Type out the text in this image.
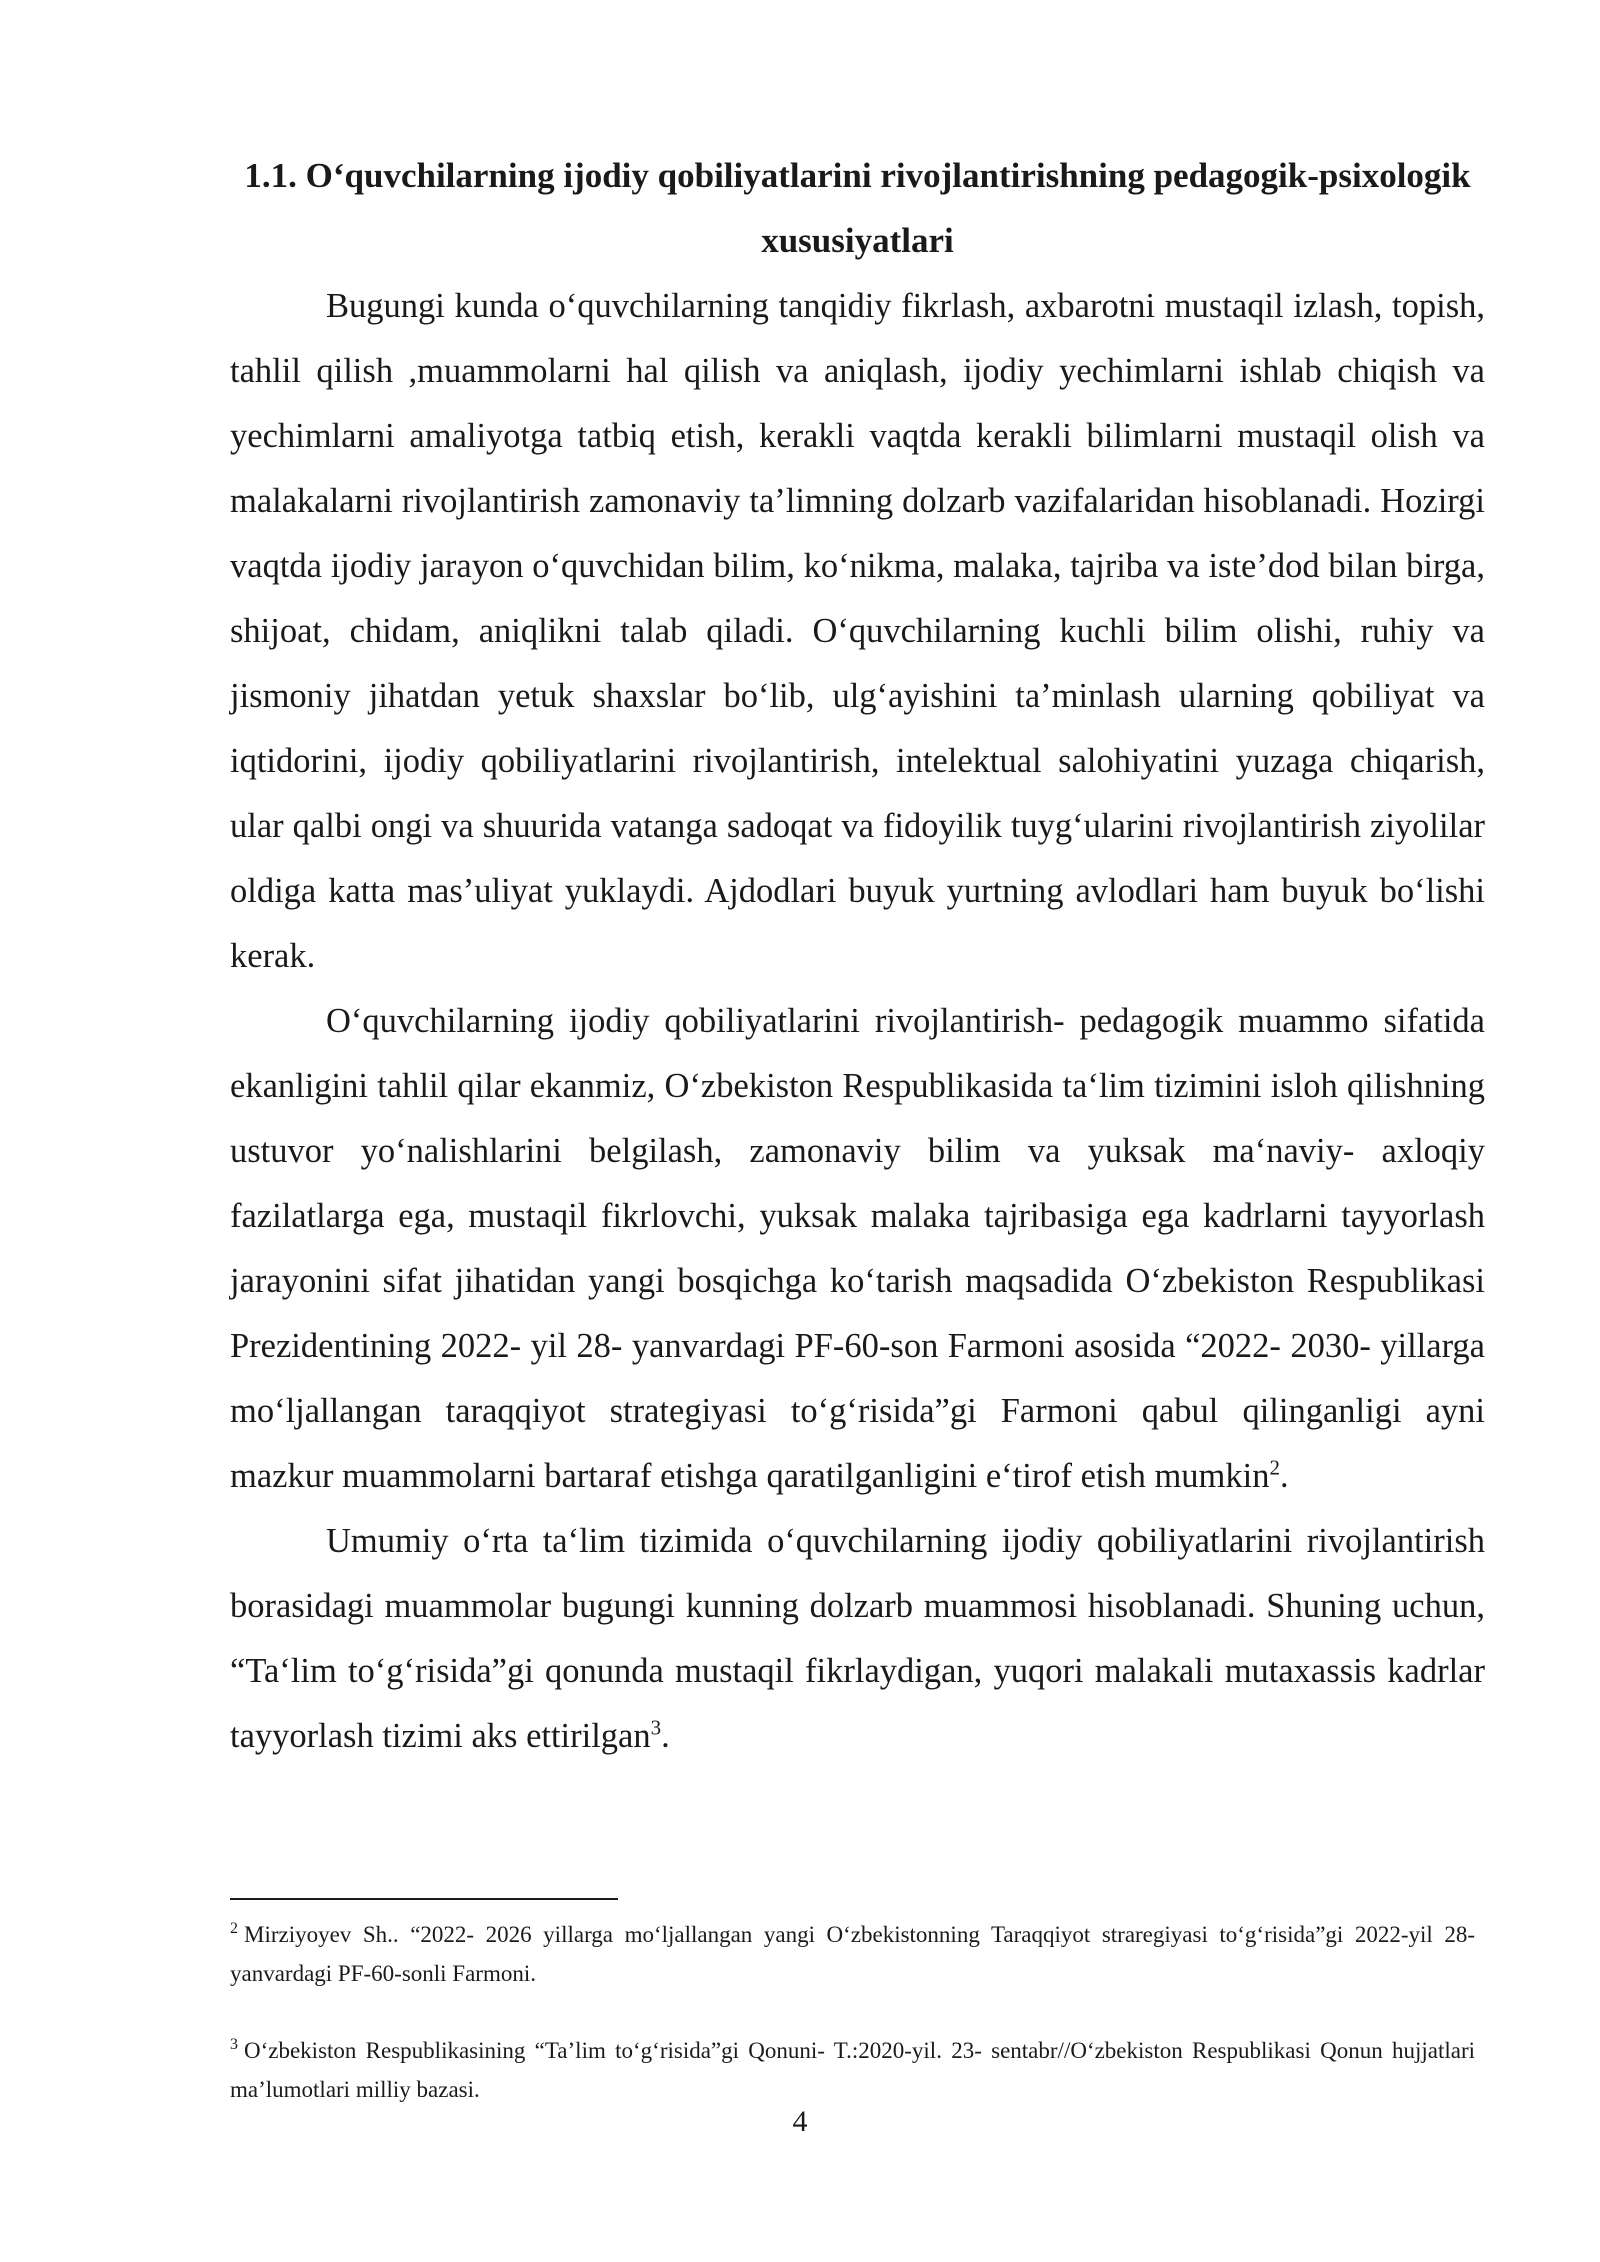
1.1. O‘quvchilarning ijodiy qobiliyatlarini rivojlantirishning pedagogik-psixologik xususiyatlari

Bugungi kunda o‘quvchilarning tanqidiy fikrlash, axbarotni mustaqil izlash, topish, tahlil qilish ,muammolarni hal qilish va aniqlash, ijodiy yechimlarni ishlab chiqish va yechimlarni amaliyotga tatbiq etish, kerakli vaqtda kerakli bilimlarni mustaqil olish va malakalarni rivojlantirish zamonaviy ta’limning dolzarb vazifalaridan hisoblanadi. Hozirgi vaqtda ijodiy jarayon o‘quvchidan bilim, ko‘nikma, malaka, tajriba va iste’dod bilan birga, shijoat, chidam, aniqlikni talab qiladi. O‘quvchilarning kuchli bilim olishi, ruhiy va jismoniy jihatdan yetuk shaxslar bo‘lib, ulg‘ayishini ta’minlash ularning qobiliyat va iqtidorini, ijodiy qobiliyatlarini rivojlantirish, intelektual salohiyatini yuzaga chiqarish, ular qalbi ongi va shuurida vatanga sadoqat va fidoyilik tuyg‘ularini rivojlantirish ziyolilar oldiga katta mas’uliyat yuklaydi. Ajdodlari buyuk yurtning avlodlari ham buyuk bo‘lishi kerak.

O‘quvchilarning ijodiy qobiliyatlarini rivojlantirish- pedagogik muammo sifatida ekanligini tahlil qilar ekanmiz, O‘zbekiston Respublikasida ta‘lim tizimini isloh qilishning ustuvor yo‘nalishlarini belgilash, zamonaviy bilim va yuksak ma‘naviy- axloqiy fazilatlarga ega, mustaqil fikrlovchi, yuksak malaka tajribasiga ega kadrlarni tayyorlash jarayonini sifat jihatidan yangi bosqichga ko‘tarish maqsadida O‘zbekiston Respublikasi Prezidentining 2022- yil 28- yanvardagi PF-60-son Farmoni asosida “2022- 2030- yillarga mo‘ljallangan taraqqiyot strategiyasi to‘g‘risida”gi Farmoni qabul qilinganligi ayni mazkur muammolarni bartaraf etishga qaratilganligini e‘tirof etish mumkin$^2$.

Umumiy o‘rta ta‘lim tizimida o‘quvchilarning ijodiy qobiliyatlarini rivojlantirish borasidagi muammolar bugungi kunning dolzarb muammosi hisoblanadi. Shuning uchun, “Ta‘lim to‘g‘risida”gi qonunda mustaqil fikrlaydigan, yuqori malakali mutaxassis kadrlar tayyorlash tizimi aks ettirilgan$^3$.

$^2$ Mirziyoyev Sh.. “2022- 2026 yillarga mo‘ljallangan yangi O‘zbekistonning Taraqqiyot straregiyasi to‘g‘risida”gi 2022-yil 28-yanvardagi PF-60-sonli Farmoni.

$^3$ O‘zbekiston Respublikasining “Ta’lim to‘g‘risida”gi Qonuni- T.:2020-yil. 23- sentabr//O‘zbekiston Respublikasi Qonun hujjatlari ma’lumotlari milliy bazasi.

4
